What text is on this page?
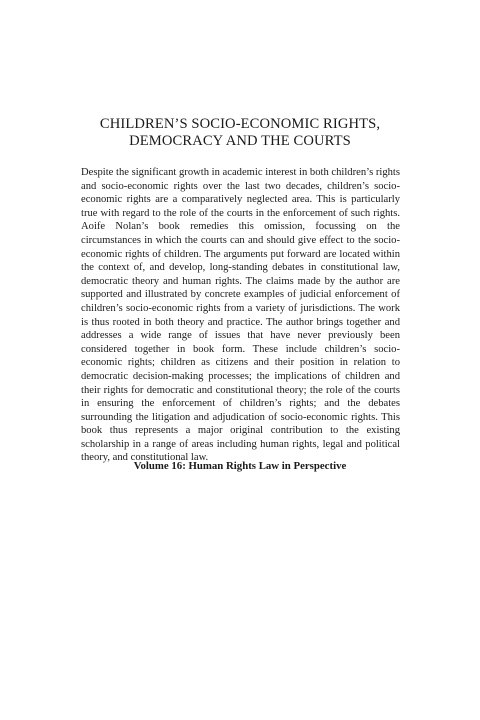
CHILDREN’S SOCIO-ECONOMIC RIGHTS,
DEMOCRACY AND THE COURTS

Despite the significant growth in academic interest in both children’s rights and socio-economic rights over the last two decades, children’s socio-economic rights are a comparatively neglected area. This is particularly true with regard to the role of the courts in the enforcement of such rights. Aoife Nolan’s book remedies this omission, focussing on the circumstances in which the courts can and should give effect to the socio-economic rights of children. The arguments put forward are located within the context of, and develop, long-standing debates in constitutional law, democratic theory and human rights. The claims made by the author are supported and illustrated by concrete examples of judicial enforcement of children’s socio-economic rights from a variety of jurisdictions. The work is thus rooted in both theory and practice. The author brings together and addresses a wide range of issues that have never previously been considered together in book form. These include children’s socio-economic rights; children as citizens and their position in relation to democratic decision-making processes; the implications of children and their rights for democratic and constitutional theory; the role of the courts in ensuring the enforcement of children’s rights; and the debates surrounding the litigation and adjudication of socio-economic rights. This book thus represents a major original contribution to the existing scholarship in a range of areas including human rights, legal and political theory, and constitutional law.

Volume 16: Human Rights Law in Perspective
